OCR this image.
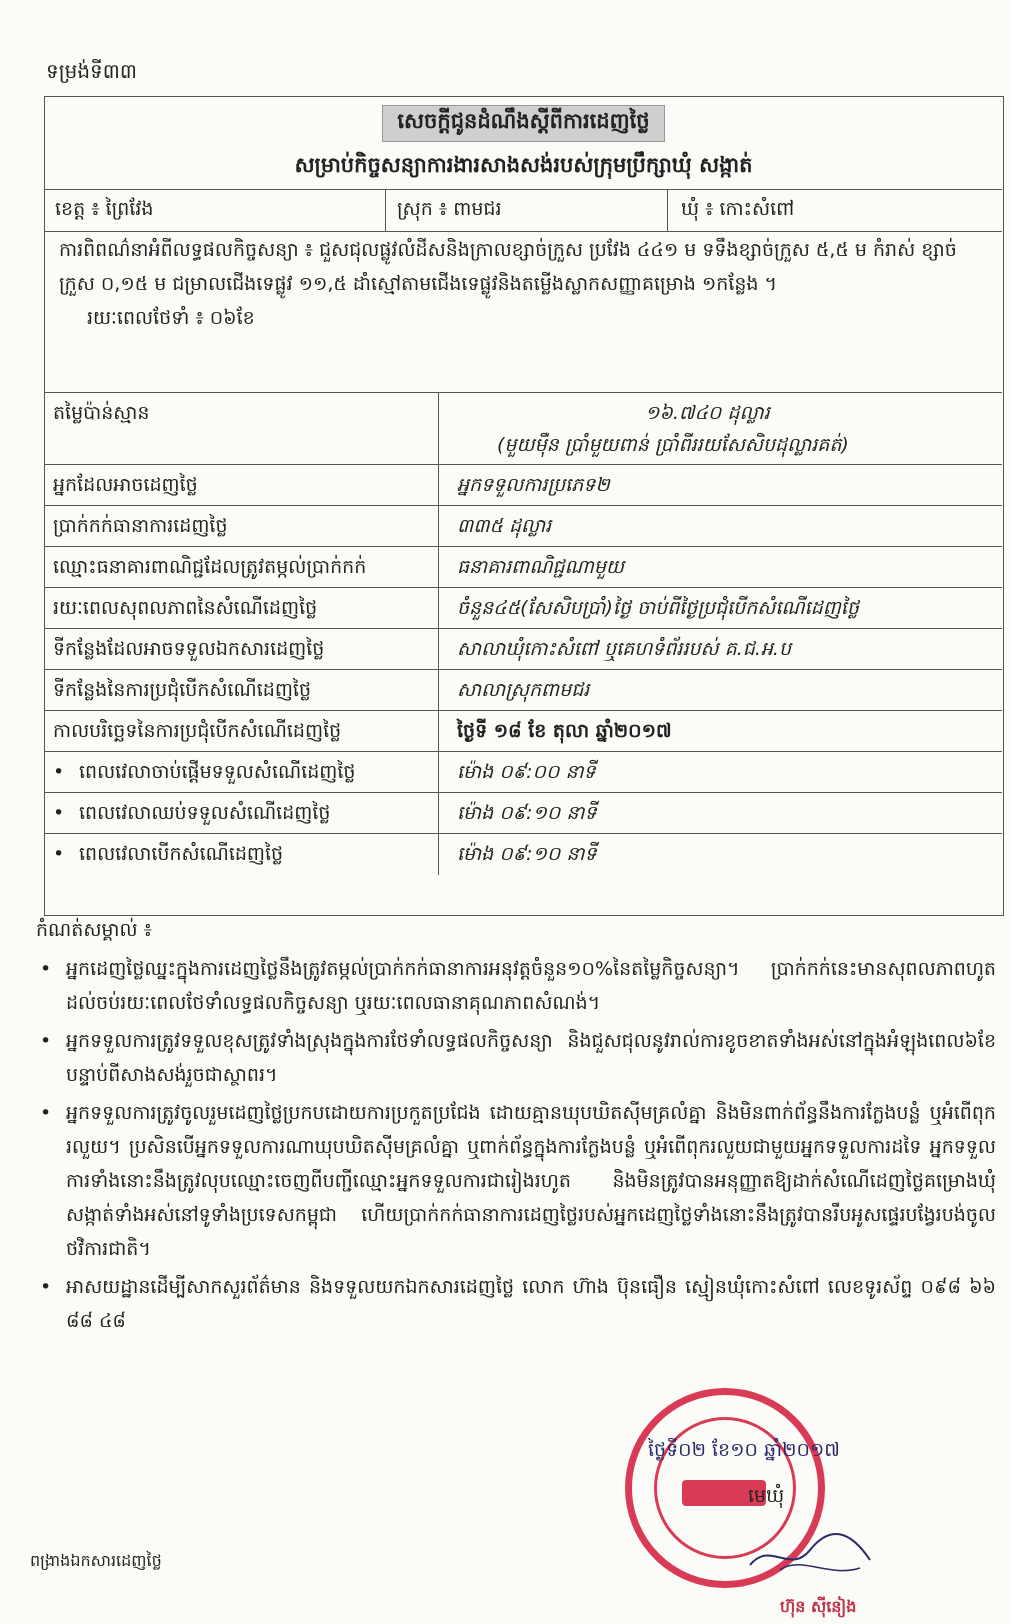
ទម្រង់ទី៣៣
សេចក្តីជូនដំណឹងស្តីពីការដេញថ្លៃ
សម្រាប់កិច្ចសន្យាការងារសាងសង់របស់ក្រុមប្រឹក្សាឃុំ សង្កាត់
ខេត្ត ៖ ព្រៃវែង	ស្រុក ៖ ពាមជរ	ឃុំ ៖ កោះសំពៅ
ការពិពណ៌នាអំពីលទ្ធផលកិច្ចសន្យា ៖ ជួសជុលផ្លូវលំដីសនិងក្រាលខ្សាច់ក្រួស ប្រវែង ៤៤១ ម ទទឹងខ្សាច់ក្រួស ៥,៥ ម កំរាស់ ខ្សាច់ក្រួស ០,១៥ ម ជម្រាលជើងទេផ្លូវ ១១,៥ ដាំស្មៅតាមជើងទេផ្លូវនិងតម្លើងស្លាកសញ្ញាគម្រោង ១កន្លែង ។
រយៈពេលថែទាំ ៖ ០៦ខែ
តម្លៃប៉ាន់ស្មាន	១៦.៧៤០ ដុល្លារ
(មួយម៉ឺន ប្រាំមួយពាន់ ប្រាំពីររយសែសិបដុល្លារគត់)
អ្នកដែលអាចដេញថ្លៃ	អ្នកទទួលការប្រភេទ២
ប្រាក់កក់ធានាការដេញថ្លៃ	៣៣៥ ដុល្លារ
ឈ្មោះធនាគារពាណិជ្ជដែលត្រូវតម្កល់ប្រាក់កក់	ធនាគារពាណិជ្ជណាមួយ
រយៈពេលសុពលភាពនៃសំណើដេញថ្លៃ	ចំនួន៤៥(សែសិបប្រាំ)ថ្ងៃ ចាប់ពីថ្ងៃប្រជុំបើកសំណើដេញថ្លៃ
ទីកន្លែងដែលអាចទទួលឯកសារដេញថ្លៃ	សាលាឃុំកោះសំពៅ ឬគេហទំព័ររបស់ គ.ជ.អ.ប
ទីកន្លែងនៃការប្រជុំបើកសំណើដេញថ្លៃ	សាលាស្រុកពាមជរ
កាលបរិច្ឆេទនៃការប្រជុំបើកសំណើដេញថ្លៃ	ថ្ងៃទី ១៨ ខែ តុលា ឆ្នាំ២០១៧
• ពេលវេលាចាប់ផ្តើមទទួលសំណើដេញថ្លៃ	ម៉ោង ០៩:០០ នាទី
• ពេលវេលាឈប់ទទួលសំណើដេញថ្លៃ	ម៉ោង ០៩:១០ នាទី
• ពេលវេលាបើកសំណើដេញថ្លៃ	ម៉ោង ០៩:១០ នាទី
កំណត់សម្គាល់ ៖
• អ្នកដេញថ្លៃឈ្នះក្នុងការដេញថ្លៃនឹងត្រូវតម្កល់ប្រាក់កក់ធានាការអនុវត្តចំនួន១០%នៃតម្លៃកិច្ចសន្យា។ ប្រាក់កក់នេះមានសុពលភាពហូតដល់ចប់រយៈពេលថែទាំលទ្ធផលកិច្ចសន្យា ឬរយៈពេលធានាគុណភាពសំណង់។
• អ្នកទទួលការត្រូវទទួលខុសត្រូវទាំងស្រុងក្នុងការថែទាំលទ្ធផលកិច្ចសន្យា និងជួសជុលនូវរាល់ការខូចខាតទាំងអស់នៅក្នុងអំឡុងពេល៦ខែ បន្ទាប់ពីសាងសង់រួចជាស្ថាពរ។
• អ្នកទទួលការត្រូវចូលរួមដេញថ្លៃប្រកបដោយការប្រកួតប្រជែង ដោយគ្មានឃុបឃិតស៊ីមគ្រលំគ្នា និងមិនពាក់ព័ន្ធនឹងការក្លែងបន្លំ ឬអំពើពុករលួយ។ ប្រសិនបើអ្នកទទួលការណាឃុបឃិតស៊ីមគ្រលំគ្នា ឬពាក់ព័ន្ធក្នុងការក្លែងបន្លំ ឬអំពើពុករលួយជាមួយអ្នកទទួលការដទៃ អ្នកទទួលការទាំងនោះនឹងត្រូវលុបឈ្មោះចេញពីបញ្ជីឈ្មោះអ្នកទទួលការជារៀងរហូត និងមិនត្រូវបានអនុញ្ញាតឱ្យដាក់សំណើដេញថ្លៃគម្រោងឃុំ សង្កាត់ទាំងអស់នៅទូទាំងប្រទេសកម្ពុជា ហើយប្រាក់កក់ធានាការដេញថ្លៃរបស់អ្នកដេញថ្លៃទាំងនោះនឹងត្រូវបានរឹបអូសផ្ទេរបង្វែរបង់ចូលថវិការជាតិ។
• អាសយដ្ឋានដើម្បីសាកសួរព័ត៌មាន និងទទួលយកឯកសារដេញថ្លៃ លោក ហ៊ាង ប៊ុនធឿន ស្មៀនឃុំកោះសំពៅ លេខទូរស័ព្ទ ០៩៨ ៦៦ ៨៨ ៤៨
ថ្ងៃទី០២ ខែ១០ ឆ្នាំ២០១៧
មេឃុំ
ហ៊ុន ស៊ីនៀង
ពង្រាងឯកសារដេញថ្លៃ
